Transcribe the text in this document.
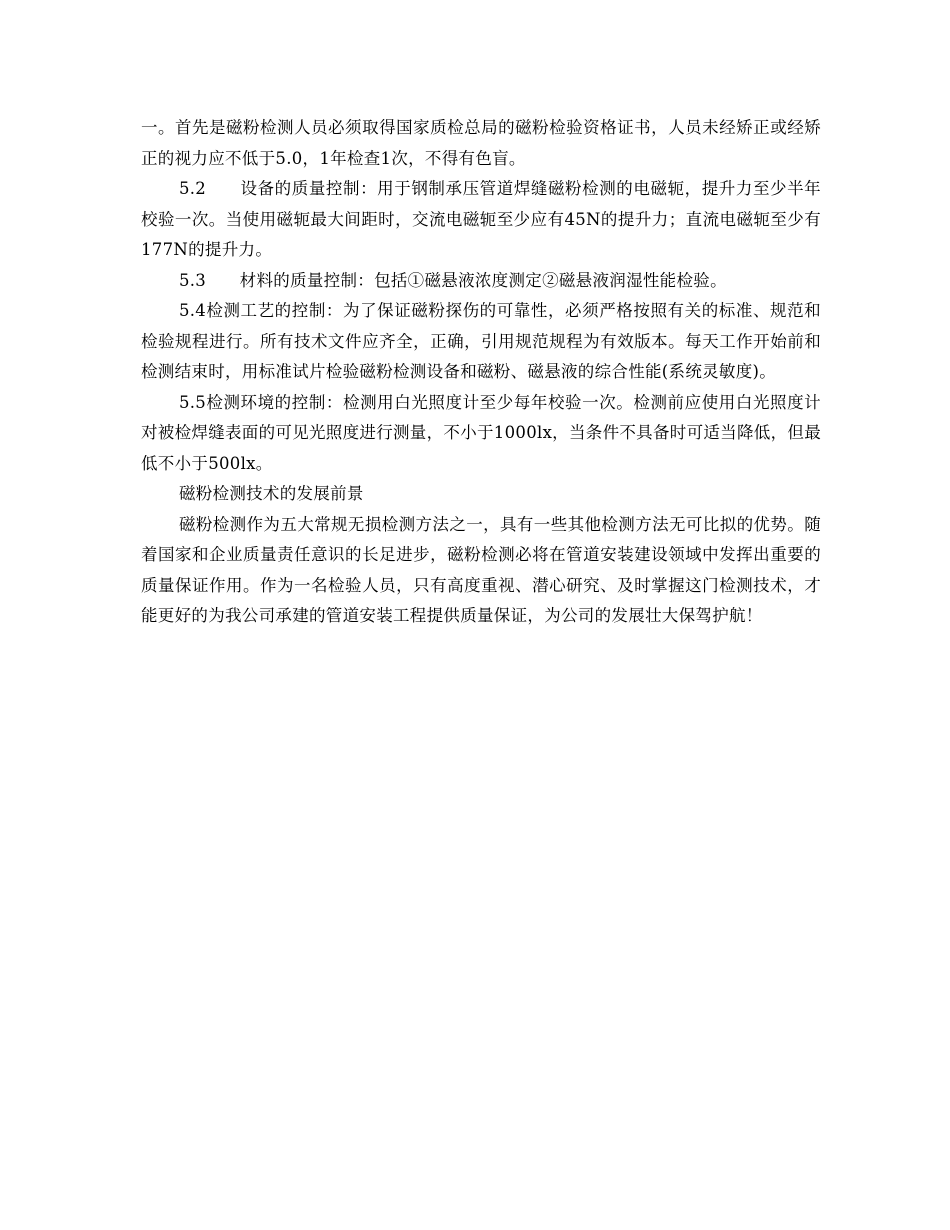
一。首先是磁粉检测人员必须取得国家质检总局的磁粉检验资格证书，人员未经矫正或经矫正的视力应不低于5.0，1年检查1次，不得有色盲。

5.2　　设备的质量控制：用于钢制承压管道焊缝磁粉检测的电磁轭，提升力至少半年校验一次。当使用磁轭最大间距时，交流电磁轭至少应有45N的提升力；直流电磁轭至少有177N的提升力。

5.3　　材料的质量控制：包括①磁悬液浓度测定②磁悬液润湿性能检验。

5.4检测工艺的控制：为了保证磁粉探伤的可靠性，必须严格按照有关的标准、规范和检验规程进行。所有技术文件应齐全，正确，引用规范规程为有效版本。每天工作开始前和检测结束时，用标准试片检验磁粉检测设备和磁粉、磁悬液的综合性能(系统灵敏度)。

5.5检测环境的控制：检测用白光照度计至少每年校验一次。检测前应使用白光照度计对被检焊缝表面的可见光照度进行测量，不小于1000lx，当条件不具备时可适当降低，但最低不小于500lx。

磁粉检测技术的发展前景

磁粉检测作为五大常规无损检测方法之一，具有一些其他检测方法无可比拟的优势。随着国家和企业质量责任意识的长足进步，磁粉检测必将在管道安装建设领域中发挥出重要的质量保证作用。作为一名检验人员，只有高度重视、潜心研究、及时掌握这门检测技术，才能更好的为我公司承建的管道安装工程提供质量保证，为公司的发展壮大保驾护航！
